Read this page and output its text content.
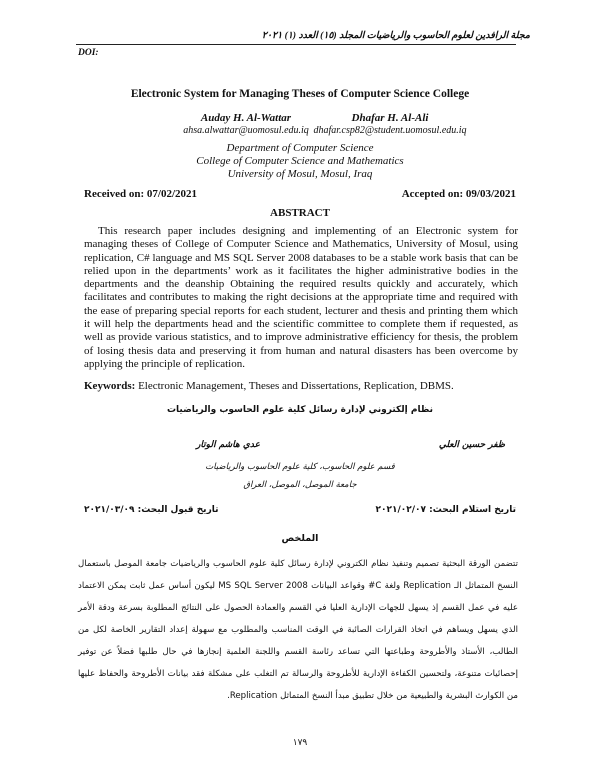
مجلة الرافدين لعلوم الحاسوب والرياضيات المجلد (١٥) العدد (١) ٢٠٢١
DOI:
Electronic System for Managing Theses of Computer Science College
Auday H. Al-Wattar
ahsa.alwattar@uomosul.edu.iq
Dhafar H. Al-Ali
dhafar.csp82@student.uomosul.edu.iq
Department of Computer Science
College of Computer Science and Mathematics
University of Mosul, Mosul, Iraq
Received on: 07/02/2021	Accepted on: 09/03/2021
ABSTRACT
This research paper includes designing and implementing of an Electronic system for managing theses of College of Computer Science and Mathematics, University of Mosul, using replication, C# language and MS SQL Server 2008 databases to be a stable work basis that can be relied upon in the departments’ work as it facilitates the higher administrative bodies in the departments and the deanship Obtaining the required results quickly and accurately, which facilitates and contributes to making the right decisions at the appropriate time and required with the ease of preparing special reports for each student, lecturer and thesis and printing them which it will help the departments head and the scientific committee to complete them if requested, as well as provide various statistics, and to improve administrative efficiency for thesis, the problem of losing thesis data and preserving it from human and natural disasters has been overcome by applying the principle of replication.
Keywords: Electronic Management, Theses and Dissertations, Replication, DBMS.
نظام إلكتروني لإدارة رسائل كلية علوم الحاسوب والرياضيات
ظفر حسين العلي
عدي هاشم الوتار
قسم علوم الحاسوب، كلية علوم الحاسوب والرياضيات
جامعة الموصل، الموصل، العراق
تاريخ استلام البحث: ٢٠٢١/٠٢/٠٧
تاريخ قبول البحث: ٢٠٢١/٠٣/٠٩
الملخص
تتضمن الورقة البحثية تصميم وتنفيذ نظام الكتروني لإدارة رسائل كلية علوم الحاسوب والرياضيات جامعة الموصل باستعمال النسخ المتماثل الـ Replication ولغة C# وقواعد البيانات MS SQL Server 2008 ليكون أساس عمل ثابت يمكن الاعتماد عليه في عمل القسم إذ يسهل للجهات الإدارية العليا في القسم والعمادة الحصول على النتائج المطلوبة بسرعة ودقة الأمر الذي يسهل ويساهم في اتخاذ القرارات الصائبة في الوقت المناسب والمطلوب مع سهولة إعداد التقارير الخاصة لكل من الطالب، الأستاذ والأطروحة وطباعتها التي تساعد رئاسة القسم واللجنة العلمية إنجازها في حال طلبها فضلاً عن توفير إحصائيات متنوعة، ولتحسين الكفاءة الإدارية للأطروحة والرسالة تم التغلب على مشكلة فقد بيانات الأطروحة والحفاظ عليها من الكوارث البشرية والطبيعية من خلال تطبيق مبدأ النسخ المتماثل Replication.
١٧٩
